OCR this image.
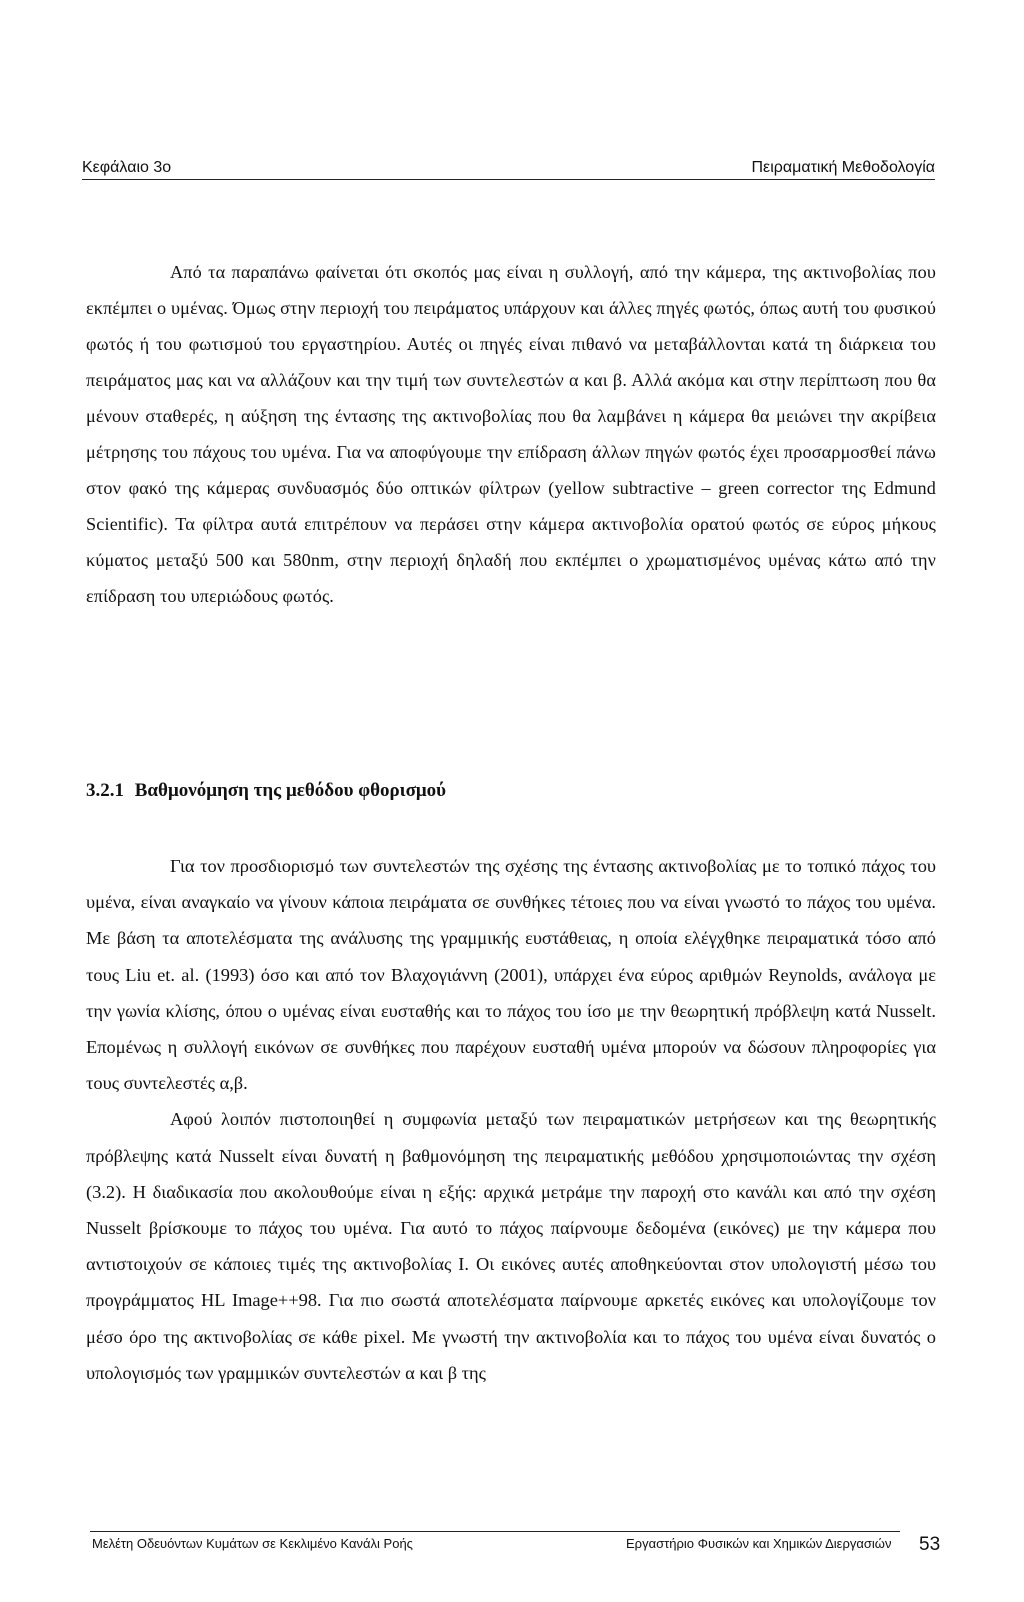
Κεφάλαιο 3ο	Πειραματική Μεθοδολογία

Από τα παραπάνω φαίνεται ότι σκοπός μας είναι η συλλογή, από την κάμερα, της ακτινοβολίας που εκπέμπει ο υμένας. Όμως στην περιοχή του πειράματος υπάρχουν και άλλες πηγές φωτός, όπως αυτή του φυσικού φωτός ή του φωτισμού του εργαστηρίου. Αυτές οι πηγές είναι πιθανό να μεταβάλλονται κατά τη διάρκεια του πειράματος μας και να αλλάζουν και την τιμή των συντελεστών α και β. Αλλά ακόμα και στην περίπτωση που θα μένουν σταθερές, η αύξηση της έντασης της ακτινοβολίας που θα λαμβάνει η κάμερα θα μειώνει την ακρίβεια μέτρησης του πάχους του υμένα. Για να αποφύγουμε την επίδραση άλλων πηγών φωτός έχει προσαρμοσθεί πάνω στον φακό της κάμερας συνδυασμός δύο οπτικών φίλτρων (yellow subtractive – green corrector της Edmund Scientific). Τα φίλτρα αυτά επιτρέπουν να περάσει στην κάμερα ακτινοβολία ορατού φωτός σε εύρος μήκους κύματος μεταξύ 500 και 580nm, στην περιοχή δηλαδή που εκπέμπει ο χρωματισμένος υμένας κάτω από την επίδραση του υπεριώδους φωτός.

3.2.1 Βαθμονόμηση της μεθόδου φθορισμού

Για τον προσδιορισμό των συντελεστών της σχέσης της έντασης ακτινοβολίας με το τοπικό πάχος του υμένα, είναι αναγκαίο να γίνουν κάποια πειράματα σε συνθήκες τέτοιες που να είναι γνωστό το πάχος του υμένα. Με βάση τα αποτελέσματα της ανάλυσης της γραμμικής ευστάθειας, η οποία ελέγχθηκε πειραματικά τόσο από τους Liu et. al. (1993) όσο και από τον Βλαχογιάννη (2001), υπάρχει ένα εύρος αριθμών Reynolds, ανάλογα με την γωνία κλίσης, όπου ο υμένας είναι ευσταθής και το πάχος του ίσο με την θεωρητική πρόβλεψη κατά Nusselt. Επομένως η συλλογή εικόνων σε συνθήκες που παρέχουν ευσταθή υμένα μπορούν να δώσουν πληροφορίες για τους συντελεστές α,β.

Αφού λοιπόν πιστοποιηθεί η συμφωνία μεταξύ των πειραματικών μετρήσεων και της θεωρητικής πρόβλεψης κατά Nusselt είναι δυνατή η βαθμονόμηση της πειραματικής μεθόδου χρησιμοποιώντας την σχέση (3.2). Η διαδικασία που ακολουθούμε είναι η εξής: αρχικά μετράμε την παροχή στο κανάλι και από την σχέση Nusselt βρίσκουμε το πάχος του υμένα. Για αυτό το πάχος παίρνουμε δεδομένα (εικόνες) με την κάμερα που αντιστοιχούν σε κάποιες τιμές της ακτινοβολίας I. Οι εικόνες αυτές αποθηκεύονται στον υπολογιστή μέσω του προγράμματος HL Image++98. Για πιο σωστά αποτελέσματα παίρνουμε αρκετές εικόνες και υπολογίζουμε τον μέσο όρο της ακτινοβολίας σε κάθε pixel. Με γνωστή την ακτινοβολία και το πάχος του υμένα είναι δυνατός ο υπολογισμός των γραμμικών συντελεστών α και β της

Μελέτη Οδευόντων Κυμάτων σε Κεκλιμένο Κανάλι Ροής	Εργαστήριο Φυσικών και Χημικών Διεργασιών 53
